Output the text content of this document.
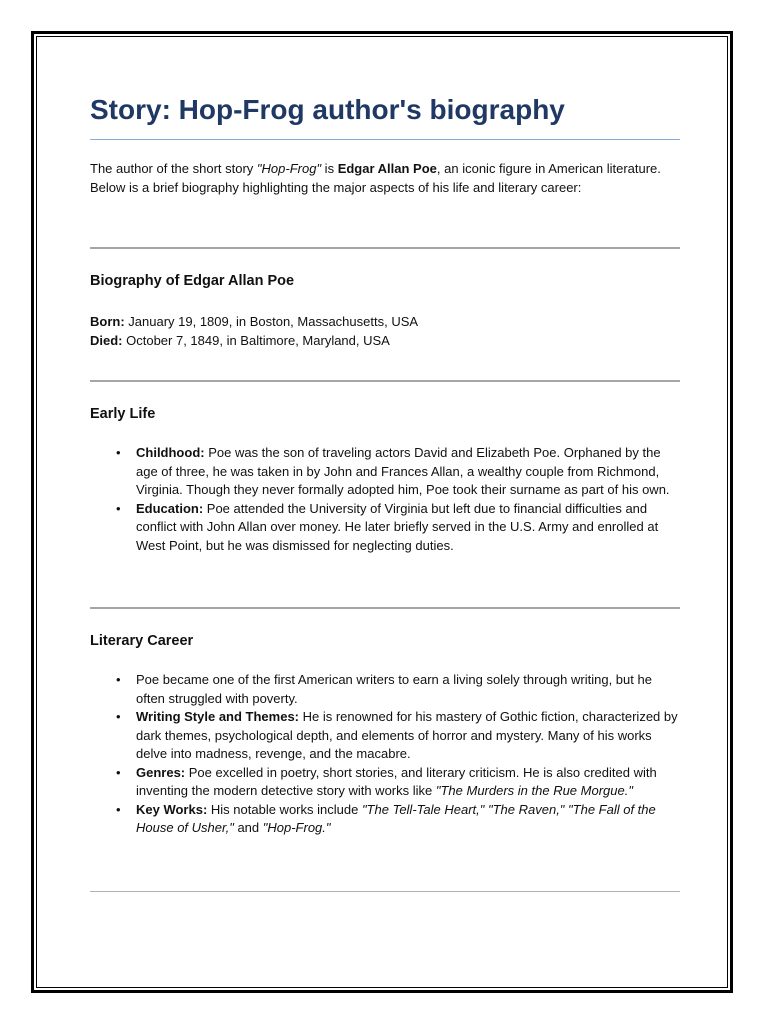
Story: Hop-Frog author's biography

The author of the short story "Hop-Frog" is Edgar Allan Poe, an iconic figure in American literature. Below is a brief biography highlighting the major aspects of his life and literary career:

Biography of Edgar Allan Poe

Born: January 19, 1809, in Boston, Massachusetts, USA
Died: October 7, 1849, in Baltimore, Maryland, USA

Early Life
• Childhood: Poe was the son of traveling actors David and Elizabeth Poe. Orphaned by the age of three, he was taken in by John and Frances Allan, a wealthy couple from Richmond, Virginia. Though they never formally adopted him, Poe took their surname as part of his own.
• Education: Poe attended the University of Virginia but left due to financial difficulties and conflict with John Allan over money. He later briefly served in the U.S. Army and enrolled at West Point, but he was dismissed for neglecting duties.
Literary Career
• Poe became one of the first American writers to earn a living solely through writing, but he often struggled with poverty.
• Writing Style and Themes: He is renowned for his mastery of Gothic fiction, characterized by dark themes, psychological depth, and elements of horror and mystery. Many of his works delve into madness, revenge, and the macabre.
• Genres: Poe excelled in poetry, short stories, and literary criticism. He is also credited with inventing the modern detective story with works like "The Murders in the Rue Morgue."
• Key Works: His notable works include "The Tell-Tale Heart," "The Raven," "The Fall of the House of Usher," and "Hop-Frog."
